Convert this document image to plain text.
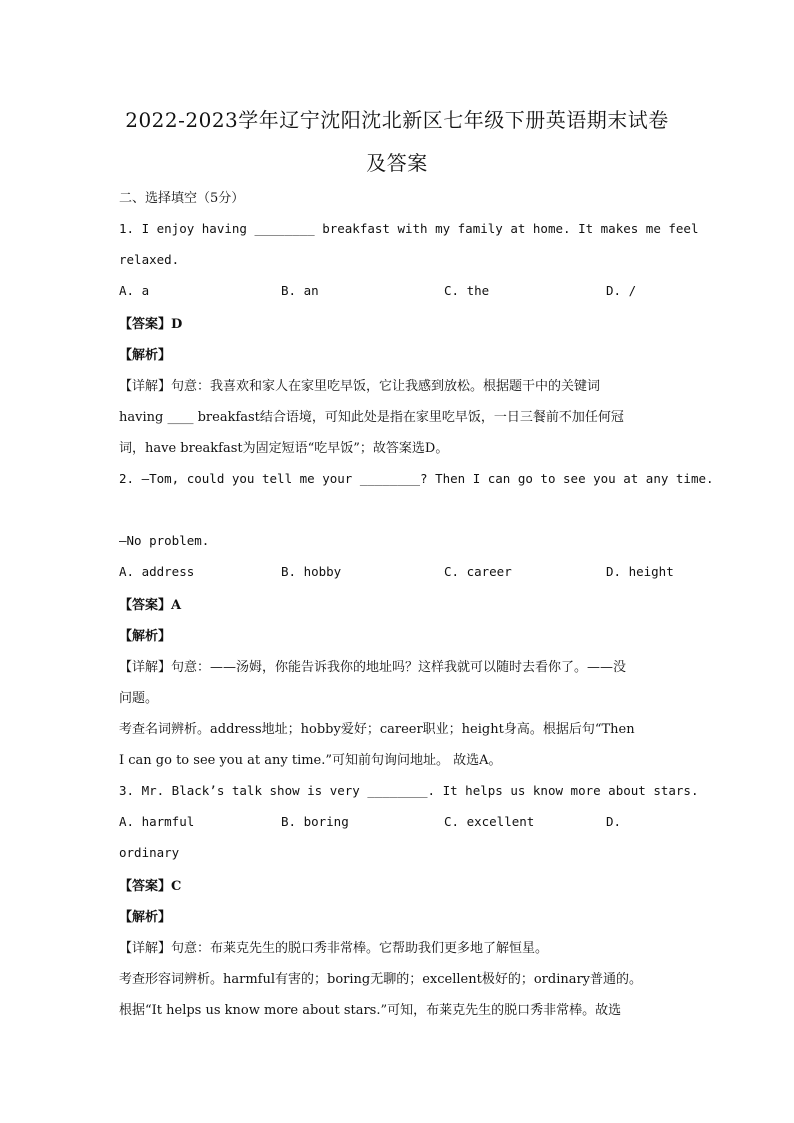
2022-2023学年辽宁沈阳沈北新区七年级下册英语期末试卷
及答案
二、选择填空（5分）
1. I enjoy having ________ breakfast with my family at home. It makes me feel
relaxed.
A. a	B. an	C. the	D. /
【答案】D
【解析】
【详解】句意：我喜欢和家人在家里吃早饭，它让我感到放松。根据题干中的关键词
having ____ breakfast结合语境，可知此处是指在家里吃早饭，一日三餐前不加任何冠
词，have breakfast为固定短语“吃早饭”；故答案选D。
2. —Tom, could you tell me your ________? Then I can go to see you at any time.
—No problem.
A. address	B. hobby	C. career	D. height
【答案】A
【解析】
【详解】句意：——汤姆，你能告诉我你的地址吗？这样我就可以随时去看你了。——没
问题。
考查名词辨析。address地址；hobby爱好；career职业；height身高。根据后句“Then
I can go to see you at any time.”可知前句询问地址。 故选A。
3. Mr. Black’s talk show is very ________. It helps us know more about stars.
A. harmful	B. boring	C. excellent	D.
ordinary
【答案】C
【解析】
【详解】句意：布莱克先生的脱口秀非常棒。它帮助我们更多地了解恒星。
考查形容词辨析。harmful有害的；boring无聊的；excellent极好的；ordinary普通的。
根据“It helps us know more about stars.”可知，布莱克先生的脱口秀非常棒。故选
